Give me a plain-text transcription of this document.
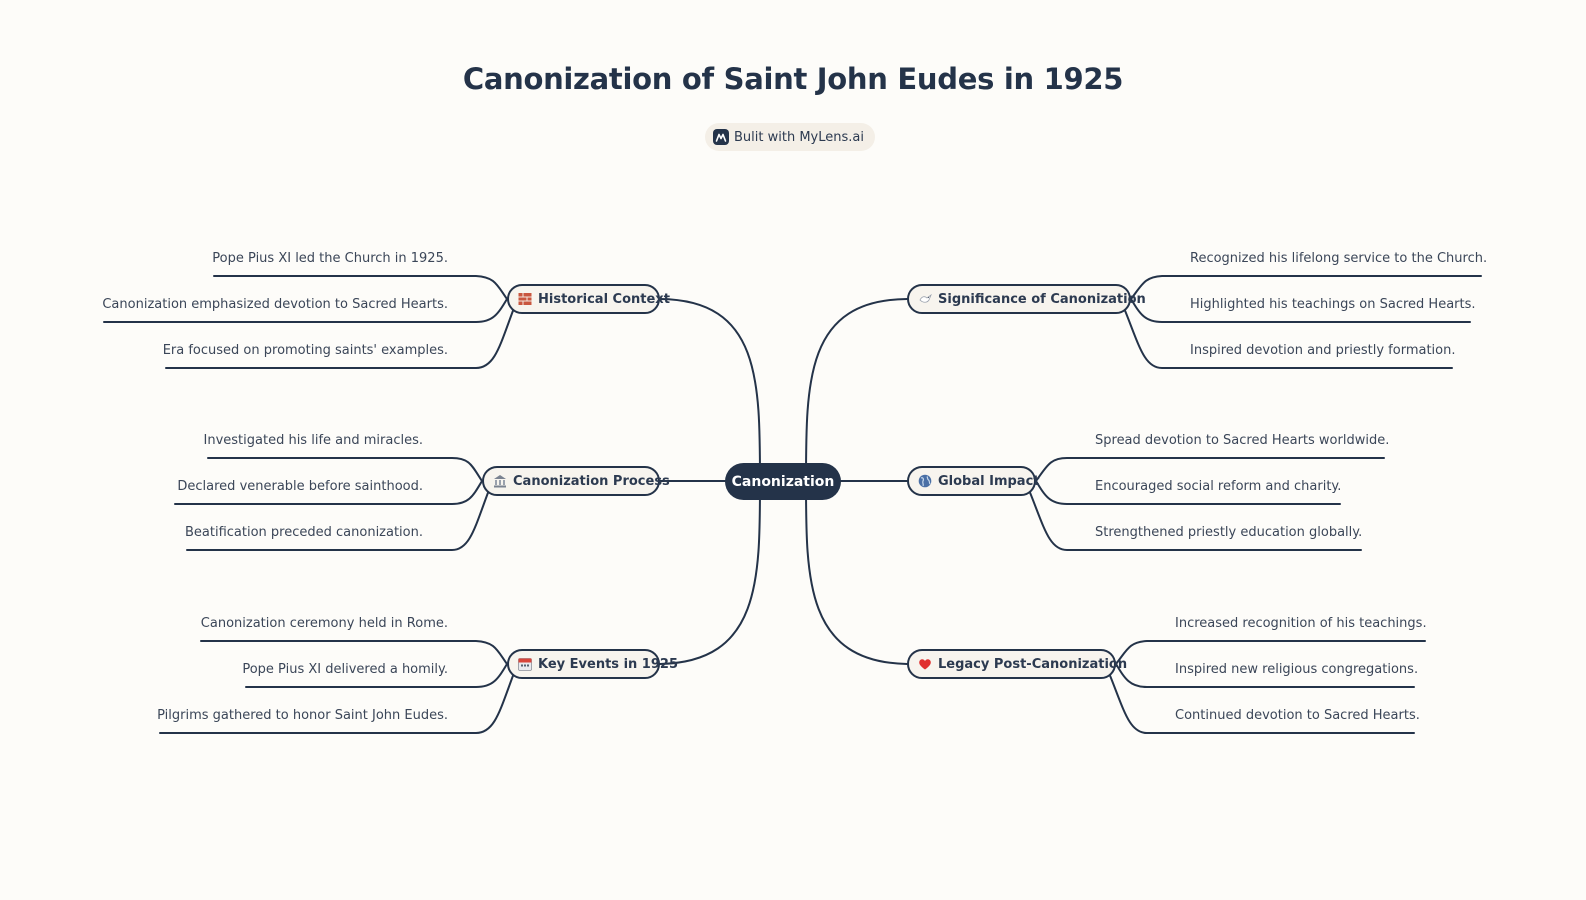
Canonization of Saint John Eudes in 1925
Bulit with MyLens.ai
Canonization
Historical Context
Canonization Process
Key Events in 1925
Significance of Canonization
Global Impact
Legacy Post-Canonization
Pope Pius XI led the Church in 1925.
Canonization emphasized devotion to Sacred Hearts.
Era focused on promoting saints' examples.
Investigated his life and miracles.
Declared venerable before sainthood.
Beatification preceded canonization.
Canonization ceremony held in Rome.
Pope Pius XI delivered a homily.
Pilgrims gathered to honor Saint John Eudes.
Recognized his lifelong service to the Church.
Highlighted his teachings on Sacred Hearts.
Inspired devotion and priestly formation.
Spread devotion to Sacred Hearts worldwide.
Encouraged social reform and charity.
Strengthened priestly education globally.
Increased recognition of his teachings.
Inspired new religious congregations.
Continued devotion to Sacred Hearts.
